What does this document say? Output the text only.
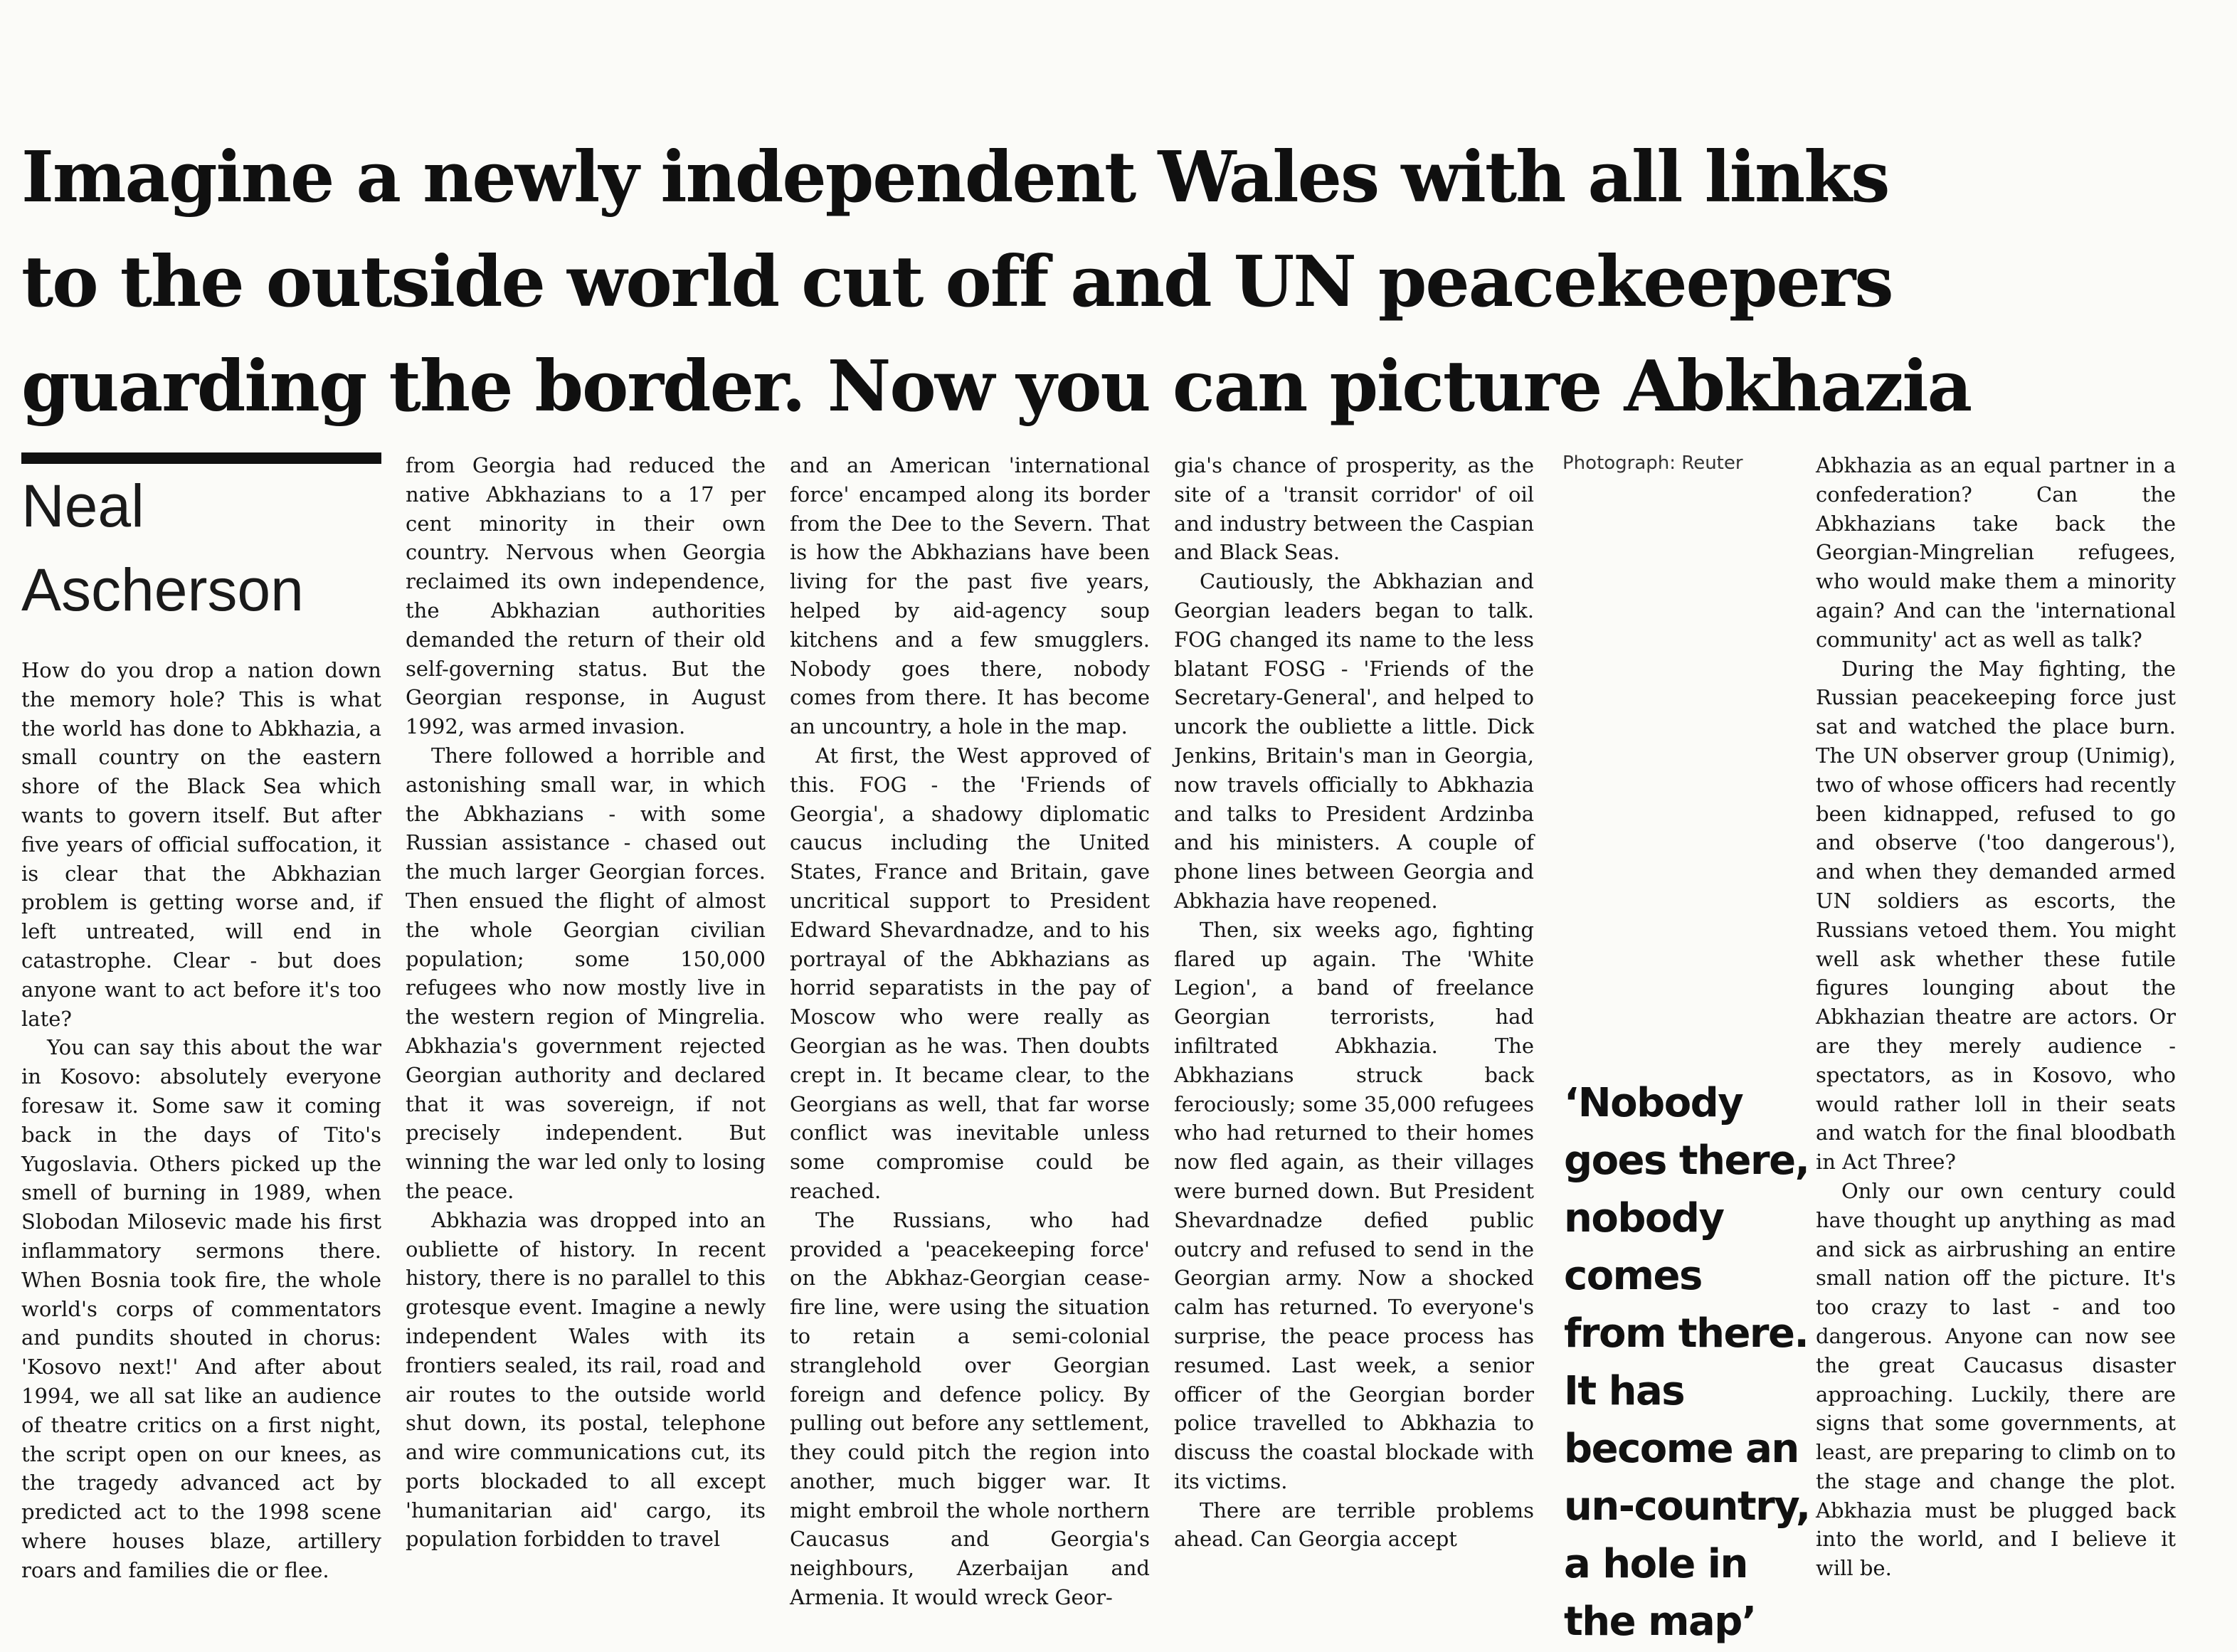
Imagine a newly independent Wales with all links
to the outside world cut off and UN peacekeepers
guarding the border. Now you can picture Abkhazia
Neal
Ascherson

How do you drop a nation down the memory hole? This is what the world has done to Abkhazia, a small country on the eastern shore of the Black Sea which wants to govern itself. But after five years of official suffocation, it is clear that the Abkhazian problem is getting worse and, if left untreated, will end in catastrophe. Clear - but does anyone want to act before it's too late?

You can say this about the war in Kosovo: absolutely everyone foresaw it. Some saw it coming back in the days of Tito's Yugoslavia. Others picked up the smell of burning in 1989, when Slobodan Milosevic made his first inflammatory sermons there. When Bosnia took fire, the whole world's corps of commentators and pundits shouted in chorus: 'Kosovo next!' And after about 1994, we all sat like an audience of theatre critics on a first night, the script open on our knees, as the tragedy advanced act by predicted act to the 1998 scene where houses blaze, artillery roars and families die or flee.

from Georgia had reduced the native Abkhazians to a 17 per cent minority in their own country. Nervous when Georgia reclaimed its own independence, the Abkhazian authorities demanded the return of their old self-governing status. But the Georgian response, in August 1992, was armed invasion.

There followed a horrible and astonishing small war, in which the Abkhazians - with some Russian assistance - chased out the much larger Georgian forces. Then ensued the flight of almost the whole Georgian civilian population; some 150,000 refugees who now mostly live in the western region of Mingrelia. Abkhazia's government rejected Georgian authority and declared that it was sovereign, if not precisely independent. But winning the war led only to losing the peace.

Abkhazia was dropped into an oubliette of history. In recent history, there is no parallel to this grotesque event. Imagine a newly independent Wales with its frontiers sealed, its rail, road and air routes to the outside world shut down, its postal, telephone and wire communications cut, its ports blockaded to all except 'humanitarian aid' cargo, its population forbidden to travel

and an American 'international force' encamped along its border from the Dee to the Severn. That is how the Abkhazians have been living for the past five years, helped by aid-agency soup kitchens and a few smugglers. Nobody goes there, nobody comes from there. It has become an uncountry, a hole in the map.

At first, the West approved of this. FOG - the 'Friends of Georgia', a shadowy diplomatic caucus including the United States, France and Britain, gave uncritical support to President Edward Shevardnadze, and to his portrayal of the Abkhazians as horrid separatists in the pay of Moscow who were really as Georgian as he was. Then doubts crept in. It became clear, to the Georgians as well, that far worse conflict was inevitable unless some compromise could be reached.

The Russians, who had provided a 'peacekeeping force' on the Abkhaz-Georgian cease-fire line, were using the situation to retain a semi-colonial stranglehold over Georgian foreign and defence policy. By pulling out before any settlement, they could pitch the region into another, much bigger war. It might embroil the whole northern Caucasus and Georgia's neighbours, Azerbaijan and Armenia. It would wreck Geor-

gia's chance of prosperity, as the site of a 'transit corridor' of oil and industry between the Caspian and Black Seas.

Cautiously, the Abkhazian and Georgian leaders began to talk. FOG changed its name to the less blatant FOSG - 'Friends of the Secretary-General', and helped to uncork the oubliette a little. Dick Jenkins, Britain's man in Georgia, now travels officially to Abkhazia and talks to President Ardzinba and his ministers. A couple of phone lines between Georgia and Abkhazia have reopened.

Then, six weeks ago, fighting flared up again. The 'White Legion', a band of freelance Georgian terrorists, had infiltrated Abkhazia. The Abkhazians struck back ferociously; some 35,000 refugees who had returned to their homes now fled again, as their villages were burned down. But President Shevardnadze defied public outcry and refused to send in the Georgian army. Now a shocked calm has returned. To everyone's surprise, the peace process has resumed. Last week, a senior officer of the Georgian border police travelled to Abkhazia to discuss the coastal blockade with its victims.

There are terrible problems ahead. Can Georgia accept

Photograph: Reuter
‘Nobody
goes there,
nobody
comes
from there.
It has
become an
un-country,
a hole in
the map’

Abkhazia as an equal partner in a confederation? Can the Abkhazians take back the Georgian-Mingrelian refugees, who would make them a minority again? And can the 'international community' act as well as talk?

During the May fighting, the Russian peacekeeping force just sat and watched the place burn. The UN observer group (Unimig), two of whose officers had recently been kidnapped, refused to go and observe ('too dangerous'), and when they demanded armed UN soldiers as escorts, the Russians vetoed them. You might well ask whether these futile figures lounging about the Abkhazian theatre are actors. Or are they merely audience - spectators, as in Kosovo, who would rather loll in their seats and watch for the final bloodbath in Act Three?

Only our own century could have thought up anything as mad and sick as airbrushing an entire small nation off the picture. It's too crazy to last - and too dangerous. Anyone can now see the great Caucasus disaster approaching. Luckily, there are signs that some governments, at least, are preparing to climb on to the stage and change the plot. Abkhazia must be plugged back into the world, and I believe it will be.
